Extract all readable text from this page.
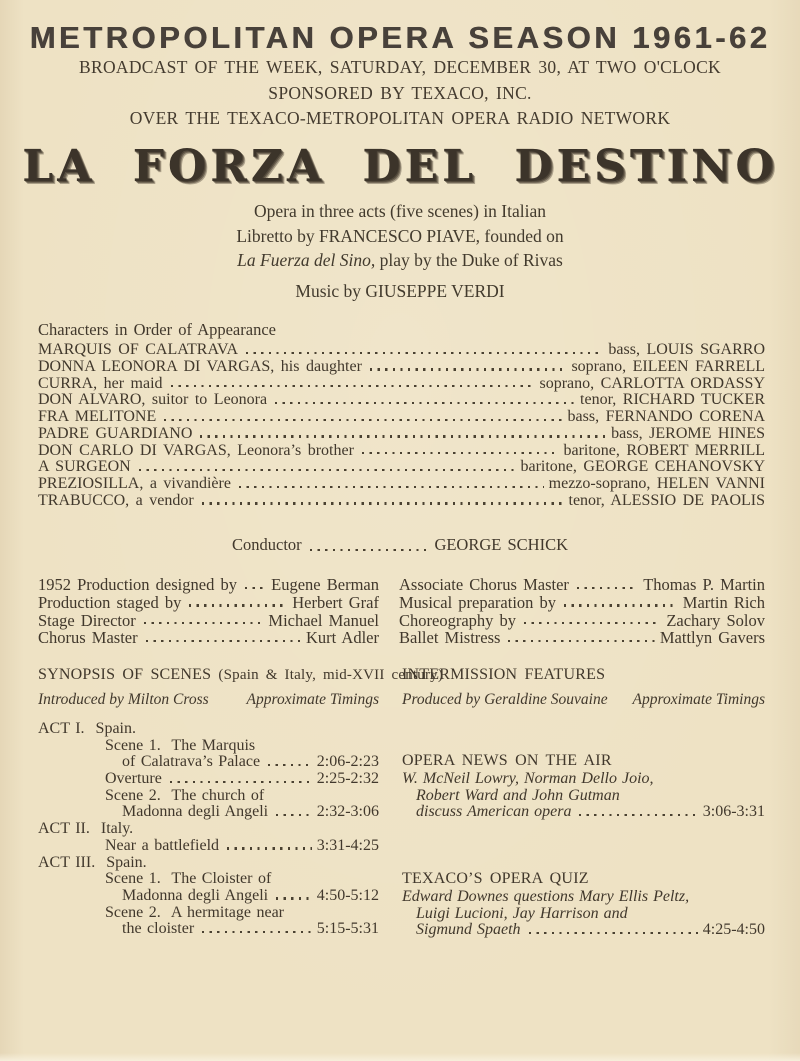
METROPOLITAN OPERA SEASON 1961-62
BROADCAST OF THE WEEK, SATURDAY, DECEMBER 30, AT TWO O'CLOCK
SPONSORED BY TEXACO, INC.
OVER THE TEXACO-METROPOLITAN OPERA RADIO NETWORK
LA FORZA DEL DESTINO
Opera in three acts (five scenes) in Italian
Libretto by FRANCESCO PIAVE, founded on
La Fuerza del Sino, play by the Duke of Rivas
Music by GIUSEPPE VERDI
Characters in Order of Appearance
MARQUIS OF CALATRAVA	bass, LOUIS SGARRO
DONNA LEONORA DI VARGAS, his daughter	soprano, EILEEN FARRELL
CURRA, her maid	soprano, CARLOTTA ORDASSY
DON ALVARO, suitor to Leonora	tenor, RICHARD TUCKER
FRA MELITONE	bass, FERNANDO CORENA
PADRE GUARDIANO	bass, JEROME HINES
DON CARLO DI VARGAS, Leonora’s brother	baritone, ROBERT MERRILL
A SURGEON	baritone, GEORGE CEHANOVSKY
PREZIOSILLA, a vivandière	mezzo-soprano, HELEN VANNI
TRABUCCO, a vendor	tenor, ALESSIO DE PAOLIS
Conductor	GEORGE SCHICK
1952 Production designed by Eugene Berman
Production staged by	Herbert Graf
Stage Director	Michael Manuel
Chorus Master	Kurt Adler
Associate Chorus Master	Thomas P. Martin
Musical preparation by	Martin Rich
Choreography by	Zachary Solov
Ballet Mistress	Mattlyn Gavers
SYNOPSIS OF SCENES (Spain & Italy, mid-XVII century)
Introduced by Milton Cross Approximate Timings
ACT I.  Spain.
Scene 1.  The Marquis
of Calatrava’s Palace	2:06-2:23
Overture	2:25-2:32
Scene 2.  The church of
Madonna degli Angeli	2:32-3:06
ACT II.  Italy.
Near a battlefield	3:31-4:25
ACT III.  Spain.
Scene 1.  The Cloister of
Madonna degli Angeli	4:50-5:12
Scene 2.  A hermitage near
the cloister	5:15-5:31
INTERMISSION FEATURES
Produced by Geraldine Souvaine Approximate Timings
OPERA NEWS ON THE AIR
W. McNeil Lowry, Norman Dello Joio,
Robert Ward and John Gutman
discuss American opera	3:06-3:31
TEXACO’S OPERA QUIZ
Edward Downes questions Mary Ellis Peltz,
Luigi Lucioni, Jay Harrison and
Sigmund Spaeth	4:25-4:50
